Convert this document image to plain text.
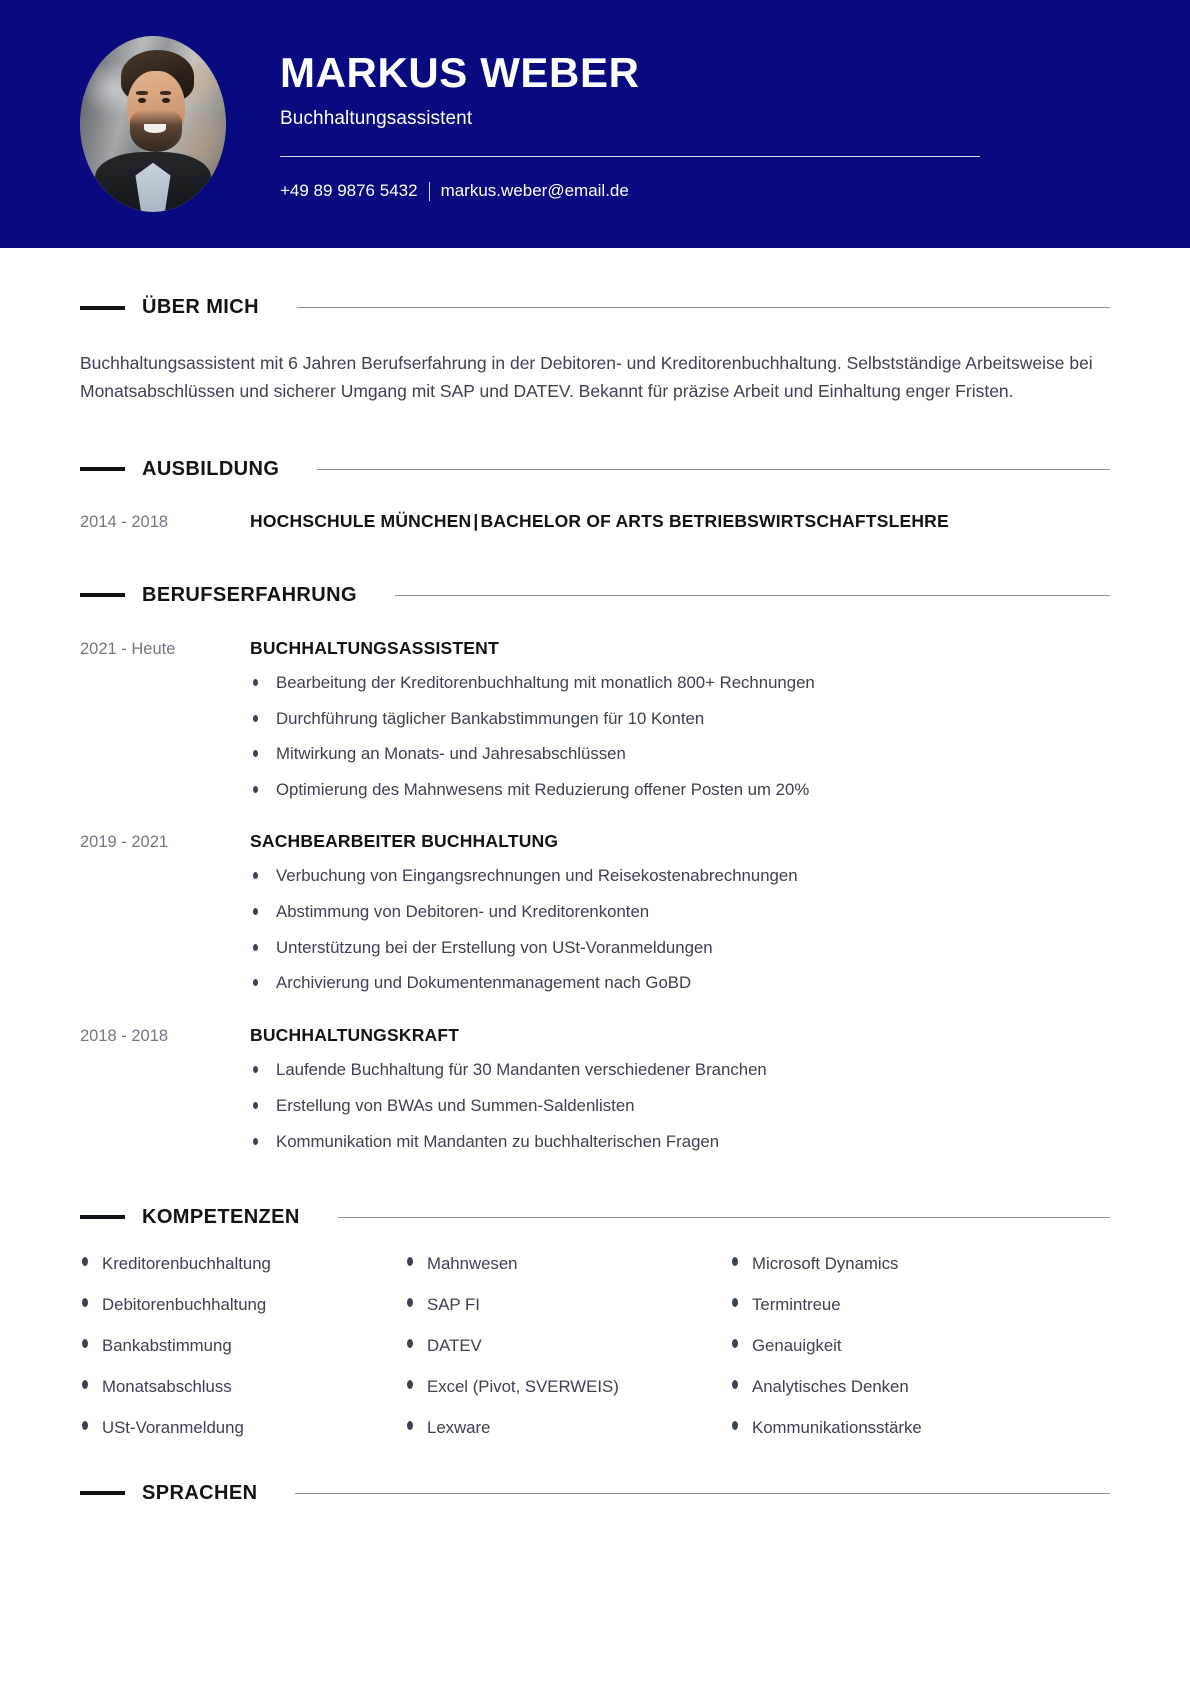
MARKUS WEBER
Buchhaltungsassistent
+49 89 9876 5432 markus.weber@email.de
ÜBER MICH

Buchhaltungsassistent mit 6 Jahren Berufserfahrung in der Debitoren- und Kreditorenbuchhaltung. Selbstständige Arbeitsweise bei Monatsabschlüssen und sicherer Umgang mit SAP und DATEV. Bekannt für präzise Arbeit und Einhaltung enger Fristen.

AUSBILDUNG
2014 - 2018	HOCHSCHULE MÜNCHEN | BACHELOR OF ARTS BETRIEBSWIRTSCHAFTSLEHRE
BERUFSERFAHRUNG
2021 - Heute	BUCHHALTUNGSASSISTENT
Bearbeitung der Kreditorenbuchhaltung mit monatlich 800+ Rechnungen
Durchführung täglicher Bankabstimmungen für 10 Konten
Mitwirkung an Monats- und Jahresabschlüssen
Optimierung des Mahnwesens mit Reduzierung offener Posten um 20%
2019 - 2021	SACHBEARBEITER BUCHHALTUNG
Verbuchung von Eingangsrechnungen und Reisekostenabrechnungen
Abstimmung von Debitoren- und Kreditorenkonten
Unterstützung bei der Erstellung von USt-Voranmeldungen
Archivierung und Dokumentenmanagement nach GoBD
2018 - 2018	BUCHHALTUNGSKRAFT
Laufende Buchhaltung für 30 Mandanten verschiedener Branchen
Erstellung von BWAs und Summen-Saldenlisten
Kommunikation mit Mandanten zu buchhalterischen Fragen
KOMPETENZEN
Kreditorenbuchhaltung
Debitorenbuchhaltung
Bankabstimmung
Monatsabschluss
USt-Voranmeldung
Mahnwesen
SAP FI
DATEV
Excel (Pivot, SVERWEIS)
Lexware
Microsoft Dynamics
Termintreue
Genauigkeit
Analytisches Denken
Kommunikationsstärke
SPRACHEN
